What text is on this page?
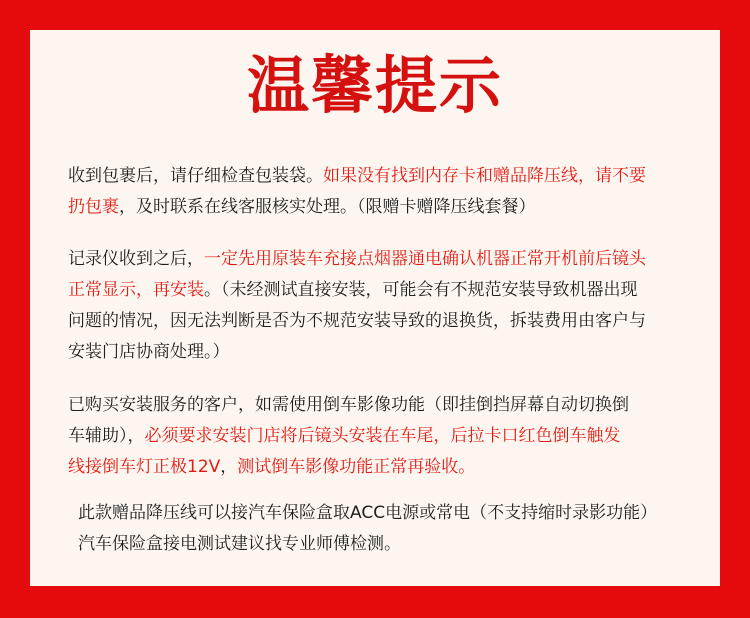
温馨提示
收到包裹后，请仔细检查包装袋。如果没有找到内存卡和赠品降压线，请不要
扔包裹，及时联系在线客服核实处理。（限赠卡赠降压线套餐）
记录仪收到之后，一定先用原装车充接点烟器通电确认机器正常开机前后镜头
正常显示，再安装。（未经测试直接安装，可能会有不规范安装导致机器出现
问题的情况，因无法判断是否为不规范安装导致的退换货，拆装费用由客户与
安装门店协商处理。）
已购买安装服务的客户，如需使用倒车影像功能（即挂倒挡屏幕自动切换倒
车辅助），必须要求安装门店将后镜头安装在车尾，后拉卡口红色倒车触发
线接倒车灯正极12V，测试倒车影像功能正常再验收。
此款赠品降压线可以接汽车保险盒取ACC电源或常电（不支持缩时录影功能）
汽车保险盒接电测试建议找专业师傅检测。
